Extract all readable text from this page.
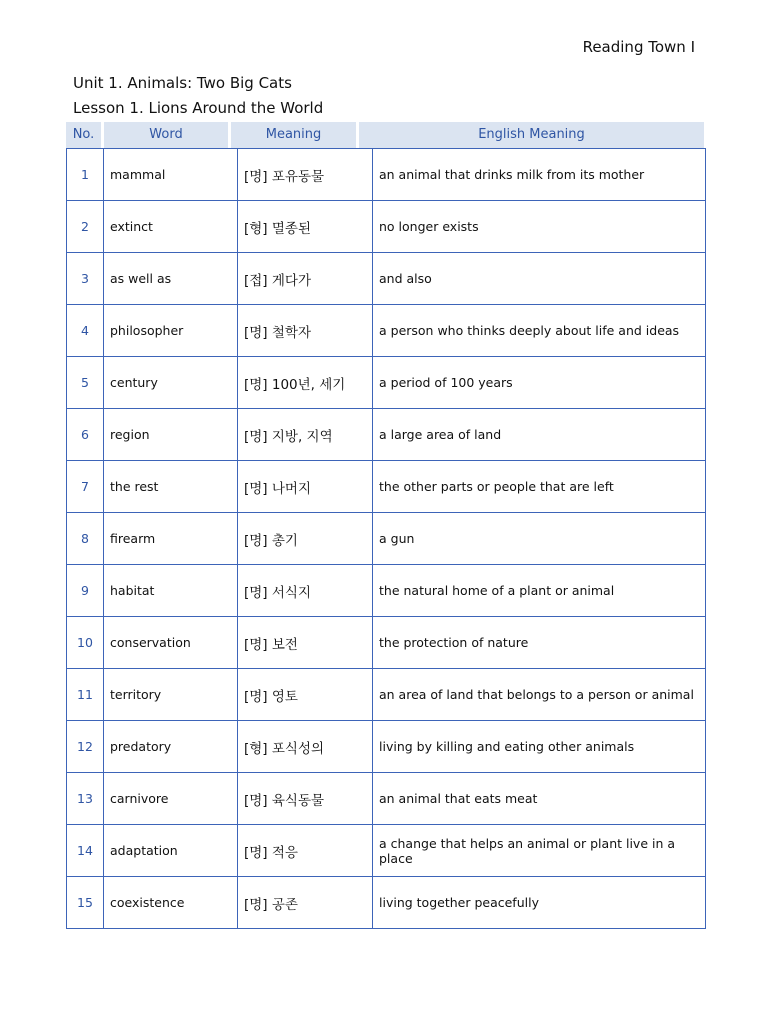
Reading Town I
Unit 1. Animals: Two Big Cats
Lesson 1. Lions Around the World
No.	Word	Meaning	English Meaning
1	mammal	[명] 포유동물	an animal that drinks milk from its mother
2	extinct	[형] 멸종된	no longer exists
3	as well as	[접] 게다가	and also
4	philosopher	[명] 철학자	a person who thinks deeply about life and ideas
5	century	[명] 100년, 세기	a period of 100 years
6	region	[명] 지방, 지역	a large area of land
7	the rest	[명] 나머지	the other parts or people that are left
8	firearm	[명] 총기	a gun
9	habitat	[명] 서식지	the natural home of a plant or animal
10	conservation	[명] 보전	the protection of nature
11	territory	[명] 영토	an area of land that belongs to a person or animal
12	predatory	[형] 포식성의	living by killing and eating other animals
13	carnivore	[명] 육식동물	an animal that eats meat
14	adaptation	[명] 적응	a change that helps an animal or plant live in a place
15	coexistence	[명] 공존	living together peacefully
